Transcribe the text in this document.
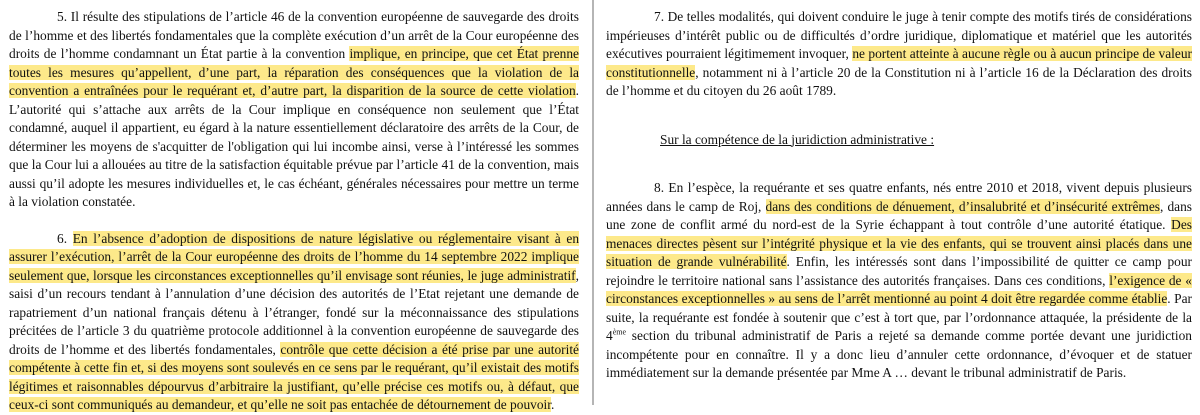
5. Il résulte des stipulations de l’article 46 de la convention européenne de sauvegarde des droits de l’homme et des libertés fondamentales que la complète exécution d’un arrêt de la Cour européenne des droits de l’homme condamnant un État partie à la convention implique, en principe, que cet État prenne toutes les mesures qu’appellent, d’une part, la réparation des conséquences que la violation de la convention a entraînées pour le requérant et, d’autre part, la disparition de la source de cette violation. L’autorité qui s’attache aux arrêts de la Cour implique en conséquence non seulement que l’État condamné, auquel il appartient, eu égard à la nature essentiellement déclaratoire des arrêts de la Cour, de déterminer les moyens de s'acquitter de l'obligation qui lui incombe ainsi, verse à l’intéressé les sommes que la Cour lui a allouées au titre de la satisfaction équitable prévue par l’article 41 de la convention, mais aussi qu’il adopte les mesures individuelles et, le cas échéant, générales nécessaires pour mettre un terme à la violation constatée.

6. En l’absence d’adoption de dispositions de nature législative ou réglementaire visant à en assurer l’exécution, l’arrêt de la Cour européenne des droits de l’homme du 14 septembre 2022 implique seulement que, lorsque les circonstances exceptionnelles qu’il envisage sont réunies, le juge administratif, saisi d’un recours tendant à l’annulation d’une décision des autorités de l’Etat rejetant une demande de rapatriement d’un national français détenu à l’étranger, fondé sur la méconnaissance des stipulations précitées de l’article 3 du quatrième protocole additionnel à la convention européenne de sauvegarde des droits de l’homme et des libertés fondamentales, contrôle que cette décision a été prise par une autorité compétente à cette fin et, si des moyens sont soulevés en ce sens par le requérant, qu’il existait des motifs légitimes et raisonnables dépourvus d’arbitraire la justifiant, qu’elle précise ces motifs ou, à défaut, que ceux-ci sont communiqués au demandeur, et qu’elle ne soit pas entachée de détournement de pouvoir.

7. De telles modalités, qui doivent conduire le juge à tenir compte des motifs tirés de considérations impérieuses d’intérêt public ou de difficultés d’ordre juridique, diplomatique et matériel que les autorités exécutives pourraient légitimement invoquer, ne portent atteinte à aucune règle ou à aucun principe de valeur constitutionnelle, notamment ni à l’article 20 de la Constitution ni à l’article 16 de la Déclaration des droits de l’homme et du citoyen du 26 août 1789.

Sur la compétence de la juridiction administrative :

8. En l’espèce, la requérante et ses quatre enfants, nés entre 2010 et 2018, vivent depuis plusieurs années dans le camp de Roj, dans des conditions de dénuement, d’insalubrité et d’insécurité extrêmes, dans une zone de conflit armé du nord-est de la Syrie échappant à tout contrôle d’une autorité étatique. Des menaces directes pèsent sur l’intégrité physique et la vie des enfants, qui se trouvent ainsi placés dans une situation de grande vulnérabilité. Enfin, les intéressés sont dans l’impossibilité de quitter ce camp pour rejoindre le territoire national sans l’assistance des autorités françaises. Dans ces conditions, l’exigence de « circonstances exceptionnelles » au sens de l’arrêt mentionné au point 4 doit être regardée comme établie. Par suite, la requérante est fondée à soutenir que c’est à tort que, par l’ordonnance attaquée, la présidente de la 4ème section du tribunal administratif de Paris a rejeté sa demande comme portée devant une juridiction incompétente pour en connaître. Il y a donc lieu d’annuler cette ordonnance, d’évoquer et de statuer immédiatement sur la demande présentée par Mme A … devant le tribunal administratif de Paris.
